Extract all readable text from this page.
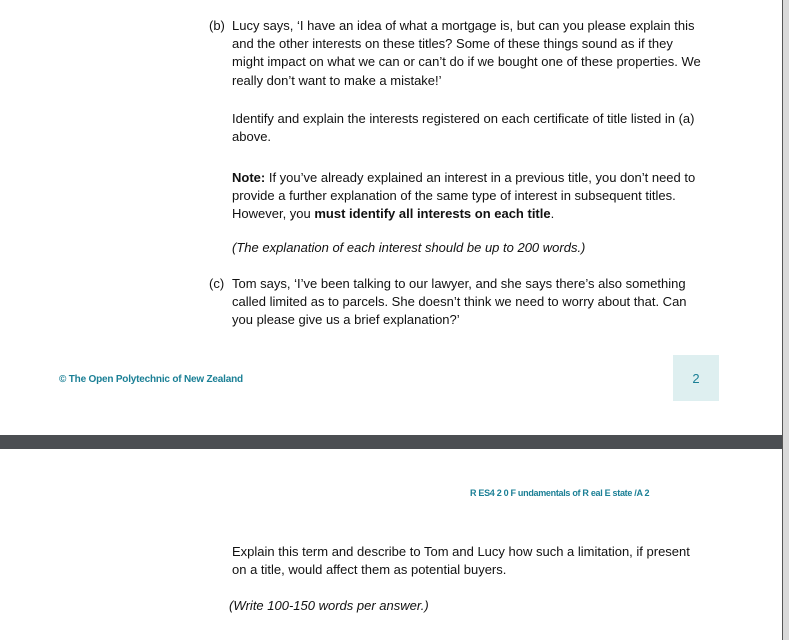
(b) Lucy says, ‘I have an idea of what a mortgage is, but can you please explain this and the other interests on these titles? Some of these things sound as if they might impact on what we can or can’t do if we bought one of these properties. We really don’t want to make a mistake!’
Identify and explain the interests registered on each certificate of title listed in (a) above.
Note: If you’ve already explained an interest in a previous title, you don’t need to provide a further explanation of the same type of interest in subsequent titles. However, you must identify all interests on each title.
(The explanation of each interest should be up to 200 words.)
(c) Tom says, ‘I’ve been talking to our lawyer, and she says there’s also something called limited as to parcels. She doesn’t think we need to worry about that. Can you please give us a brief explanation?’
© The Open Polytechnic of New Zealand	2
R ES4 2 0 F undamentals of R eal E state /A 2
Explain this term and describe to Tom and Lucy how such a limitation, if present on a title, would affect them as potential buyers.
(Write 100-150 words per answer.)
